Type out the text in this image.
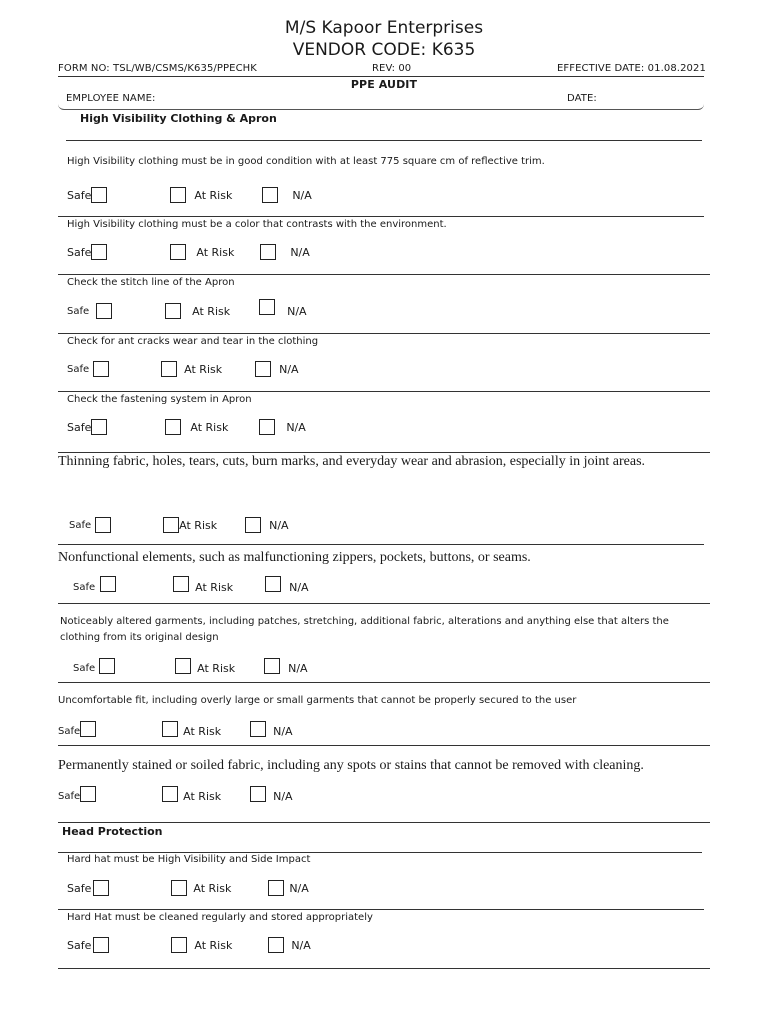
M/S Kapoor Enterprises
VENDOR CODE: K635
FORM NO: TSL/WB/CSMS/K635/PPECHK	REV: 00	EFFECTIVE DATE: 01.08.2021
PPE AUDIT
EMPLOYEE NAME:	DATE:
High Visibility Clothing & Apron
High Visibility clothing must be in good condition with at least 775 square cm of reflective trim.
Safe	At Risk	N/A
High Visibility clothing must be a color that contrasts with the environment.
Safe	At Risk	N/A
Check the stitch line of the Apron
Safe	At Risk	N/A
Check for ant cracks wear and tear in the clothing
Safe	At Risk	N/A
Check the fastening system in Apron
Safe	At Risk	N/A
Thinning fabric, holes, tears, cuts, burn marks, and everyday wear and abrasion, especially in joint areas.
Safe	At Risk	N/A
Nonfunctional elements, such as malfunctioning zippers, pockets, buttons, or seams.
Safe	At Risk	N/A
Noticeably altered garments, including patches, stretching, additional fabric, alterations and anything else that alters the clothing from its original design
Safe	At Risk	N/A
Uncomfortable fit, including overly large or small garments that cannot be properly secured to the user
Safe	At Risk	N/A
Permanently stained or soiled fabric, including any spots or stains that cannot be removed with cleaning.
Safe	At Risk	N/A
Head Protection
Hard hat must be High Visibility and Side Impact
Safe	At Risk	N/A
Hard Hat must be cleaned regularly and stored appropriately
Safe	At Risk	N/A
